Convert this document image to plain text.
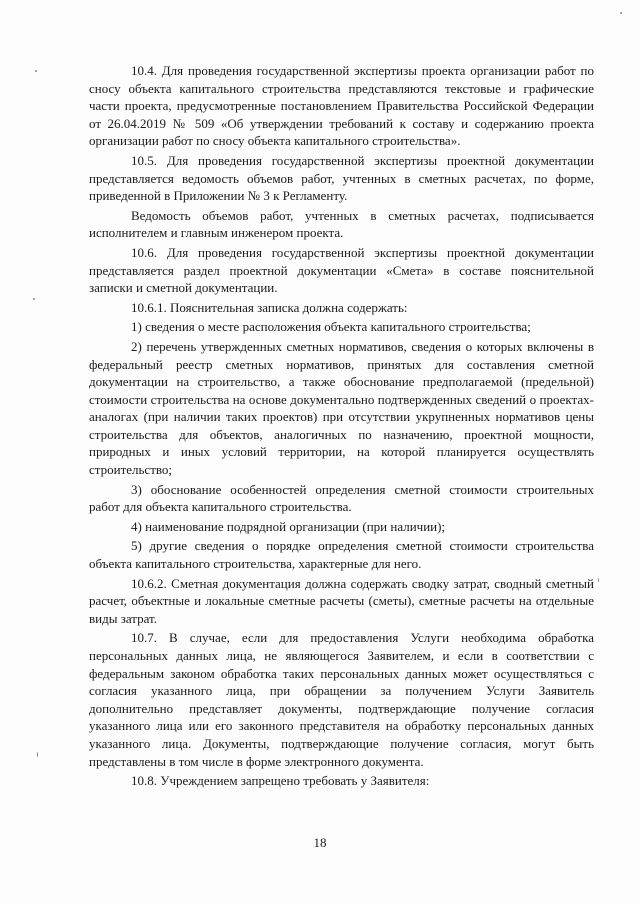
10.4. Для проведения государственной экспертизы проекта организации работ по сносу объекта капитального строительства представляются текстовые и графические части проекта, предусмотренные постановлением Правительства Российской Федерации от 26.04.2019 № 509 «Об утверждении требований к составу и содержанию проекта организации работ по сносу объекта капитального строительства».

10.5. Для проведения государственной экспертизы проектной документации представляется ведомость объемов работ, учтенных в сметных расчетах, по форме, приведенной в Приложении № 3 к Регламенту.

Ведомость объемов работ, учтенных в сметных расчетах, подписывается исполнителем и главным инженером проекта.

10.6. Для проведения государственной экспертизы проектной документации представляется раздел проектной документации «Смета» в составе пояснительной записки и сметной документации.

10.6.1. Пояснительная записка должна содержать:

1) сведения о месте расположения объекта капитального строительства;

2) перечень утвержденных сметных нормативов, сведения о которых включены в федеральный реестр сметных нормативов, принятых для составления сметной документации на строительство, а также обоснование предполагаемой (предельной) стоимости строительства на основе документально подтвержденных сведений о проектах-аналогах (при наличии таких проектов) при отсутствии укрупненных нормативов цены строительства для объектов, аналогичных по назначению, проектной мощности, природных и иных условий территории, на которой планируется осуществлять строительство;

3) обоснование особенностей определения сметной стоимости строительных работ для объекта капитального строительства.

4) наименование подрядной организации (при наличии);

5) другие сведения о порядке определения сметной стоимости строительства объекта капитального строительства, характерные для него.

10.6.2. Сметная документация должна содержать сводку затрат, сводный сметный расчет, объектные и локальные сметные расчеты (сметы), сметные расчеты на отдельные виды затрат.

10.7. В случае, если для предоставления Услуги необходима обработка персональных данных лица, не являющегося Заявителем, и если в соответствии с федеральным законом обработка таких персональных данных может осуществляться с согласия указанного лица, при обращении за получением Услуги Заявитель дополнительно представляет документы, подтверждающие получение согласия указанного лица или его законного представителя на обработку персональных данных указанного лица. Документы, подтверждающие получение согласия, могут быть представлены в том числе в форме электронного документа.

10.8. Учреждением запрещено требовать у Заявителя:

18
